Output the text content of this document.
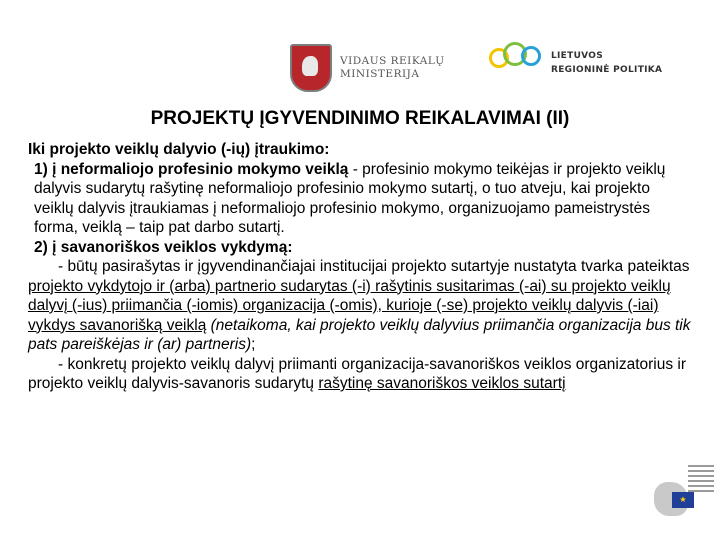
VIDAUS REIKALŲ
MINISTERIJA
LIETUVOS
REGIONINĖ POLITIKA
PROJEKTŲ ĮGYVENDINIMO REIKALAVIMAI (II)

Iki projekto veiklų dalyvio (-ių) įtraukimo:

1) į neformaliojo profesinio mokymo veiklą - profesinio mokymo teikėjas ir projekto veiklų dalyvis sudarytų rašytinę neformaliojo profesinio mokymo sutartį, o tuo atveju, kai projekto veiklų dalyvis įtraukiamas į neformaliojo profesinio mokymo, organizuojamo pameistrystės forma, veiklą – taip pat darbo sutartį.

2) į savanoriškos veiklos vykdymą:

- būtų pasirašytas ir įgyvendinančiajai institucijai projekto sutartyje nustatyta tvarka pateiktas projekto vykdytojo ir (arba) partnerio sudarytas (-i) rašytinis susitarimas (-ai) su projekto veiklų dalyvį (-ius) priimančia (-iomis) organizacija (-omis), kurioje (-se) projekto veiklų dalyvis (-iai) vykdys savanorišką veiklą (netaikoma, kai projekto veiklų dalyvius priimančia organizacija bus tik pats pareiškėjas ir (ar) partneris);

- konkretų projekto veiklų dalyvį priimanti organizacija-savanoriškos veiklos organizatorius ir projekto veiklų dalyvis-savanoris sudarytų rašytinę savanoriškos veiklos sutartį

★
